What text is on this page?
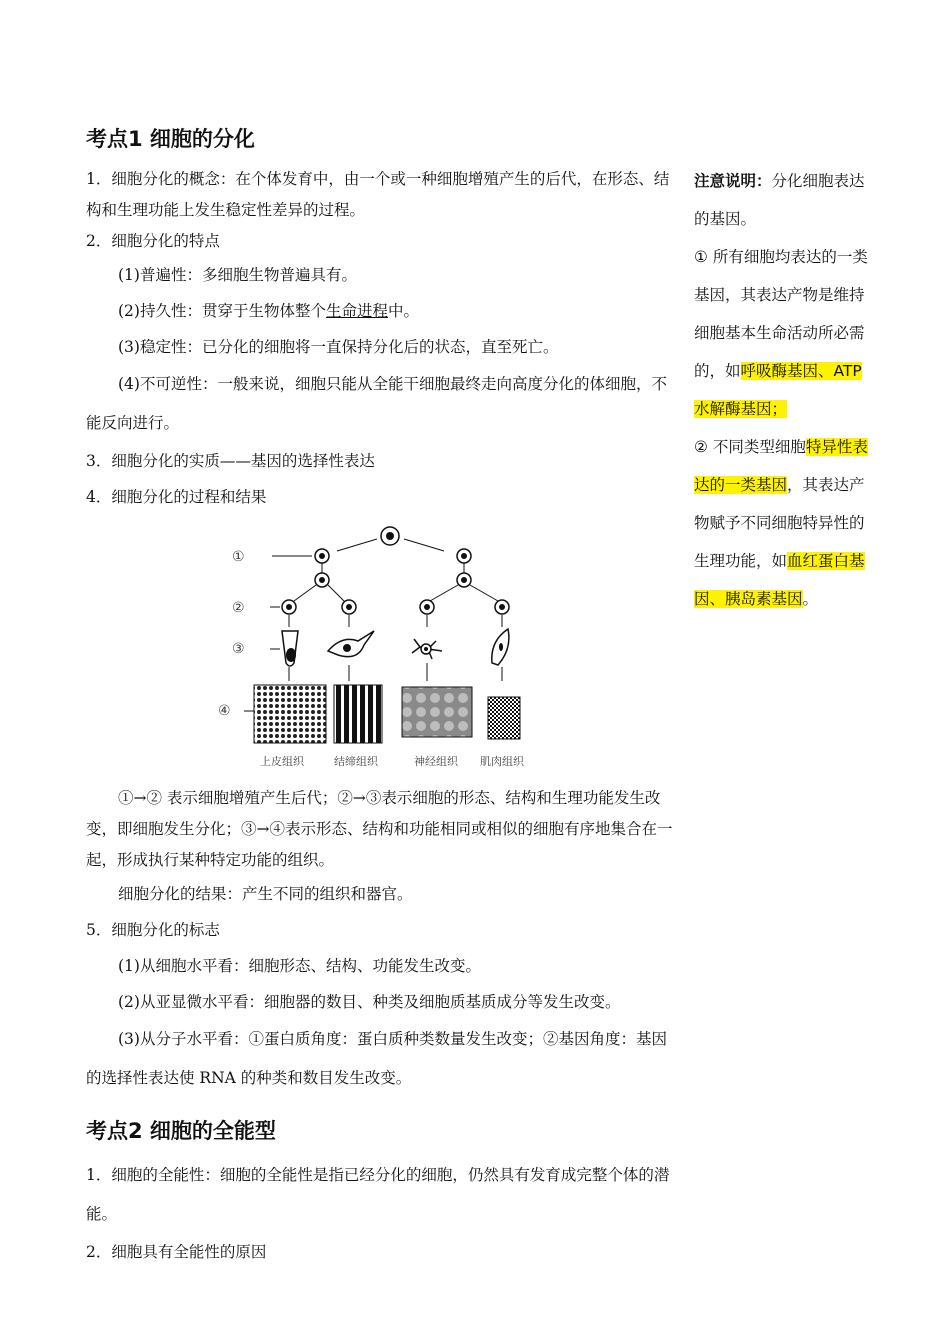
考点1 细胞的分化

1．细胞分化的概念：在个体发育中，由一个或一种细胞增殖产生的后代，在形态、结构和生理功能上发生稳定性差异的过程。

2．细胞分化的特点

(1)普遍性：多细胞生物普遍具有。

(2)持久性：贯穿于生物体整个生命进程中。

(3)稳定性：已分化的细胞将一直保持分化后的状态，直至死亡。

(4)不可逆性：一般来说，细胞只能从全能干细胞最终走向高度分化的体细胞，不能反向进行。

3．细胞分化的实质——基因的选择性表达

4．细胞分化的过程和结果

①
②
③
④
上皮组织	结缔组织	神经组织 肌肉组织

①→② 表示细胞增殖产生后代；②→③表示细胞的形态、结构和生理功能发生改变，即细胞发生分化；③→④表示形态、结构和功能相同或相似的细胞有序地集合在一起，形成执行某种特定功能的组织。

细胞分化的结果：产生不同的组织和器官。

5．细胞分化的标志

(1)从细胞水平看：细胞形态、结构、功能发生改变。

(2)从亚显微水平看：细胞器的数目、种类及细胞质基质成分等发生改变。

(3)从分子水平看：①蛋白质角度：蛋白质种类数量发生改变；②基因角度：基因的选择性表达使 RNA 的种类和数目发生改变。

考点2 细胞的全能型

1．细胞的全能性：细胞的全能性是指已经分化的细胞，仍然具有发育成完整个体的潜能。

2．细胞具有全能性的原因

注意说明：分化细胞表达的基因。
① 所有细胞均表达的一类基因，其表达产物是维持细胞基本生命活动所必需的，如呼吸酶基因、ATP 水解酶基因；
② 不同类型细胞特异性表达的一类基因，其表达产物赋予不同细胞特异性的生理功能，如血红蛋白基因、胰岛素基因。
